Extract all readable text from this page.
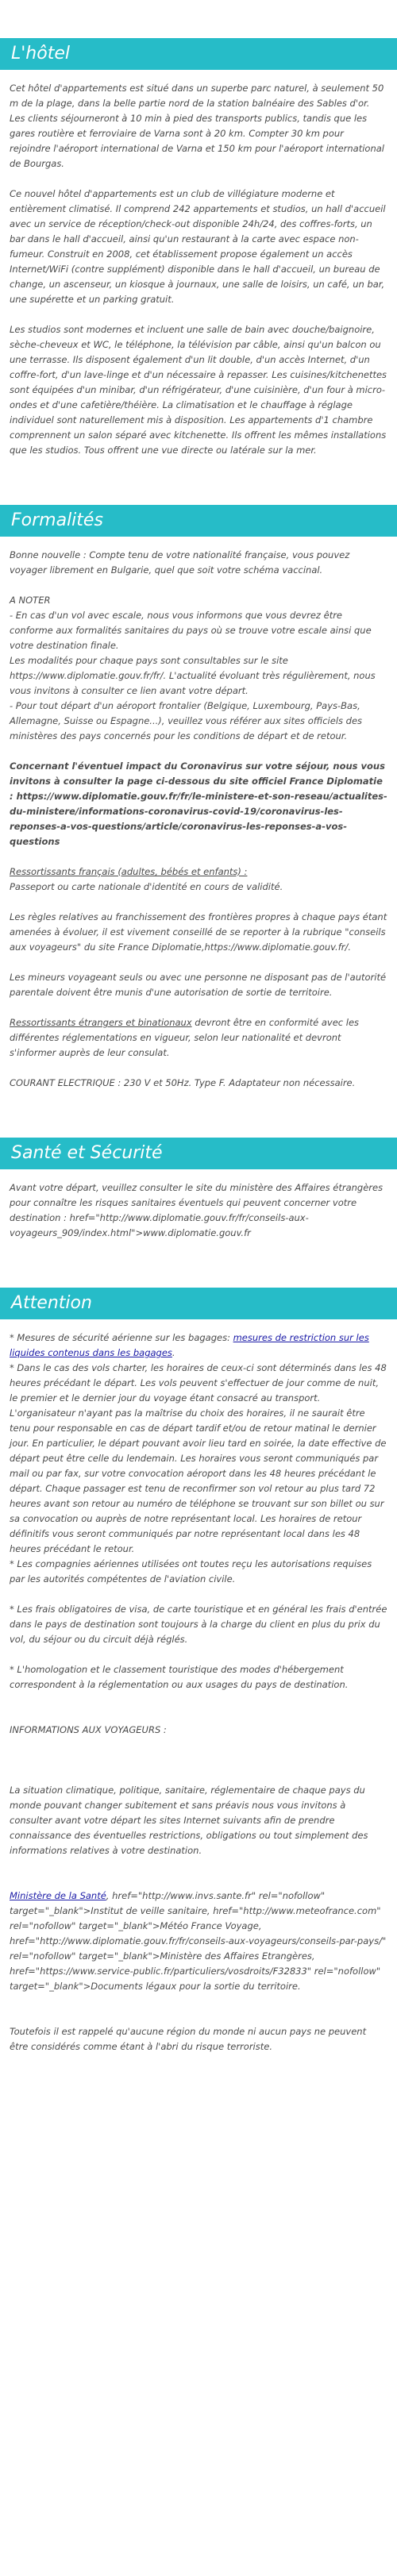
L'hôtel

Cet hôtel d'appartements est situé dans un superbe parc naturel, à seulement 50 m de la plage, dans la belle partie nord de la station balnéaire des Sables d'or. Les clients séjourneront à 10 min à pied des transports publics, tandis que les gares routière et ferroviaire de Varna sont à 20 km. Compter 30 km pour rejoindre l'aéroport international de Varna et 150 km pour l'aéroport international de Bourgas.

Ce nouvel hôtel d'appartements est un club de villégiature moderne et entièrement climatisé. Il comprend 242 appartements et studios, un hall d'accueil avec un service de réception/check-out disponible 24h/24, des coffres-forts, un bar dans le hall d'accueil, ainsi qu'un restaurant à la carte avec espace non-fumeur. Construit en 2008, cet établissement propose également un accès Internet/WiFi (contre supplément) disponible dans le hall d'accueil, un bureau de change, un ascenseur, un kiosque à journaux, une salle de loisirs, un café, un bar, une supérette et un parking gratuit.

Les studios sont modernes et incluent une salle de bain avec douche/baignoire, sèche-cheveux et WC, le téléphone, la télévision par câble, ainsi qu'un balcon ou une terrasse. Ils disposent également d'un lit double, d'un accès Internet, d'un coffre-fort, d'un lave-linge et d'un nécessaire à repasser. Les cuisines/kitchenettes sont équipées d'un minibar, d'un réfrigérateur, d'une cuisinière, d'un four à micro-ondes et d'une cafetière/théière. La climatisation et le chauffage à réglage individuel sont naturellement mis à disposition. Les appartements d'1 chambre comprennent un salon séparé avec kitchenette. Ils offrent les mêmes installations que les studios. Tous offrent une vue directe ou latérale sur la mer.

Formalités

Bonne nouvelle : Compte tenu de votre nationalité française, vous pouvez voyager librement en Bulgarie, quel que soit votre schéma vaccinal.

A NOTER

- En cas d'un vol avec escale, nous vous informons que vous devrez être conforme aux formalités sanitaires du pays où se trouve votre escale ainsi que votre destination finale.

Les modalités pour chaque pays sont consultables sur le site https://www.diplomatie.gouv.fr/fr/. L'actualité évoluant très régulièrement, nous vous invitons à consulter ce lien avant votre départ.

- Pour tout départ d'un aéroport frontalier (Belgique, Luxembourg, Pays-Bas, Allemagne, Suisse ou Espagne...), veuillez vous référer aux sites officiels des ministères des pays concernés pour les conditions de départ et de retour.

Concernant l'éventuel impact du Coronavirus sur votre séjour, nous vous invitons à consulter la page ci-dessous du site officiel France Diplomatie : https://www.diplomatie.gouv.fr/fr/le-ministere-et-son-reseau/actualites-du-ministere/informations-coronavirus-covid-19/coronavirus-les-reponses-a-vos-questions/article/coronavirus-les-reponses-a-vos-questions

Ressortissants français (adultes, bébés et enfants) :

Passeport ou carte nationale d'identité en cours de validité.

Les règles relatives au franchissement des frontières propres à chaque pays étant amenées à évoluer, il est vivement conseillé de se reporter à la rubrique "conseils aux voyageurs" du site France Diplomatie,https://www.diplomatie.gouv.fr/.

Les mineurs voyageant seuls ou avec une personne ne disposant pas de l'autorité parentale doivent être munis d'une autorisation de sortie de territoire.

Ressortissants étrangers et binationaux devront être en conformité avec les différentes réglementations en vigueur, selon leur nationalité et devront s'informer auprès de leur consulat.

COURANT ELECTRIQUE : 230 V et 50Hz. Type F. Adaptateur non nécessaire.

Santé et Sécurité

Avant votre départ, veuillez consulter le site du ministère des Affaires étrangères pour connaître les risques sanitaires éventuels qui peuvent concerner votre destination : href="http://www.diplomatie.gouv.fr/fr/conseils-aux-voyageurs_909/index.html">www.diplomatie.gouv.fr

Attention

* Mesures de sécurité aérienne sur les bagages: mesures de restriction sur les liquides contenus dans les bagages.

* Dans le cas des vols charter, les horaires de ceux-ci sont déterminés dans les 48 heures précédant le départ. Les vols peuvent s'effectuer de jour comme de nuit, le premier et le dernier jour du voyage étant consacré au transport. L'organisateur n'ayant pas la maîtrise du choix des horaires, il ne saurait être tenu pour responsable en cas de départ tardif et/ou de retour matinal le dernier jour. En particulier, le départ pouvant avoir lieu tard en soirée, la date effective de départ peut être celle du lendemain. Les horaires vous seront communiqués par mail ou par fax, sur votre convocation aéroport dans les 48 heures précédant le départ. Chaque passager est tenu de reconfirmer son vol retour au plus tard 72 heures avant son retour au numéro de téléphone se trouvant sur son billet ou sur sa convocation ou auprès de notre représentant local. Les horaires de retour définitifs vous seront communiqués par notre représentant local dans les 48 heures précédant le retour.

* Les compagnies aériennes utilisées ont toutes reçu les autorisations requises par les autorités compétentes de l'aviation civile.

* Les frais obligatoires de visa, de carte touristique et en général les frais d'entrée dans le pays de destination sont toujours à la charge du client en plus du prix du vol, du séjour ou du circuit déjà réglés.

* L'homologation et le classement touristique des modes d'hébergement correspondent à la réglementation ou aux usages du pays de destination.

INFORMATIONS AUX VOYAGEURS :

La situation climatique, politique, sanitaire, réglementaire de chaque pays du monde pouvant changer subitement et sans préavis nous vous invitons à consulter avant votre départ les sites Internet suivants afin de prendre connaissance des éventuelles restrictions, obligations ou tout simplement des informations relatives à votre destination.

Ministère de la Santé, href="http://www.invs.sante.fr" rel="nofollow" target="_blank">Institut de veille sanitaire, href="http://www.meteofrance.com" rel="nofollow" target="_blank">Météo France Voyage, href="http://www.diplomatie.gouv.fr/fr/conseils-aux-voyageurs/conseils-par-pays/" rel="nofollow" target="_blank">Ministère des Affaires Etrangères, href="https://www.service-public.fr/particuliers/vosdroits/F32833" rel="nofollow" target="_blank">Documents légaux pour la sortie du territoire.

Toutefois il est rappelé qu'aucune région du monde ni aucun pays ne peuvent être considérés comme étant à l'abri du risque terroriste.
